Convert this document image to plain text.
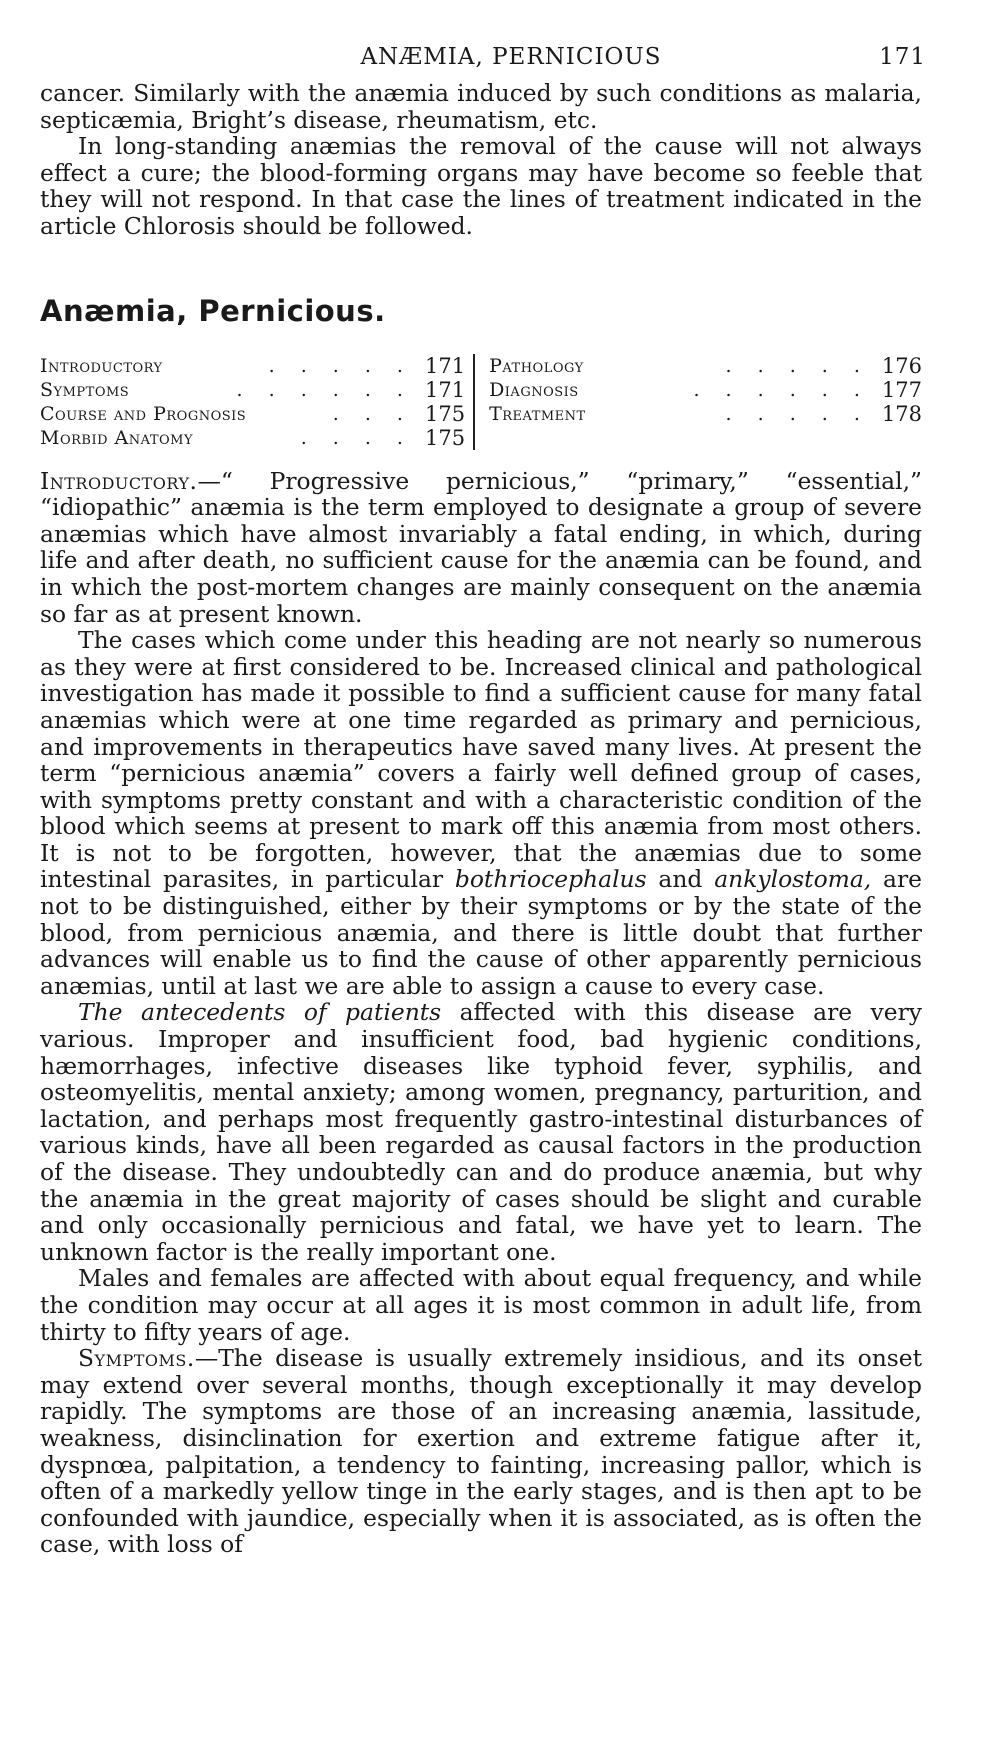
ANÆMIA, PERNICIOUS	171

cancer. Similarly with the anæmia induced by such conditions as malaria, septicæmia, Bright’s disease, rheumatism, etc.

In long-standing anæmias the removal of the cause will not always effect a cure; the blood-forming organs may have become so feeble that they will not respond. In that case the lines of treatment indicated in the article Chlorosis should be followed.

Anæmia, Pernicious.
Introductory	. . . . . 171
Symptoms	. . . . . . 171
Course and Prognosis	. . . 175
Morbid Anatomy	. . . . 175
Pathology	. . . . . 176
Diagnosis	. . . . . . 177
Treatment	. . . . . 178

Introductory.—“ Progressive pernicious,” “primary,” “essential,” “idiopathic” anæmia is the term employed to designate a group of severe anæmias which have almost invariably a fatal ending, in which, during life and after death, no sufficient cause for the anæmia can be found, and in which the post-mortem changes are mainly consequent on the anæmia so far as at present known.

The cases which come under this heading are not nearly so numerous as they were at first considered to be. Increased clinical and pathological investigation has made it possible to find a sufficient cause for many fatal anæmias which were at one time regarded as primary and pernicious, and improvements in therapeutics have saved many lives. At present the term “pernicious anæmia” covers a fairly well defined group of cases, with symptoms pretty constant and with a characteristic condition of the blood which seems at present to mark off this anæmia from most others. It is not to be forgotten, however, that the anæmias due to some intestinal parasites, in particular bothriocephalus and ankylostoma, are not to be distinguished, either by their symptoms or by the state of the blood, from pernicious anæmia, and there is little doubt that further advances will enable us to find the cause of other apparently pernicious anæmias, until at last we are able to assign a cause to every case.

The antecedents of patients affected with this disease are very various. Improper and insufficient food, bad hygienic conditions, hæmorrhages, infective diseases like typhoid fever, syphilis, and osteomyelitis, mental anxiety; among women, pregnancy, parturition, and lactation, and perhaps most frequently gastro-intestinal disturbances of various kinds, have all been regarded as causal factors in the production of the disease. They undoubtedly can and do produce anæmia, but why the anæmia in the great majority of cases should be slight and curable and only occasionally pernicious and fatal, we have yet to learn. The unknown factor is the really important one.

Males and females are affected with about equal frequency, and while the condition may occur at all ages it is most common in adult life, from thirty to fifty years of age.

Symptoms.—The disease is usually extremely insidious, and its onset may extend over several months, though exceptionally it may develop rapidly. The symptoms are those of an increasing anæmia, lassitude, weakness, disinclination for exertion and extreme fatigue after it, dyspnœa, palpitation, a tendency to fainting, increasing pallor, which is often of a markedly yellow tinge in the early stages, and is then apt to be confounded with jaundice, especially when it is associated, as is often the case, with loss of
